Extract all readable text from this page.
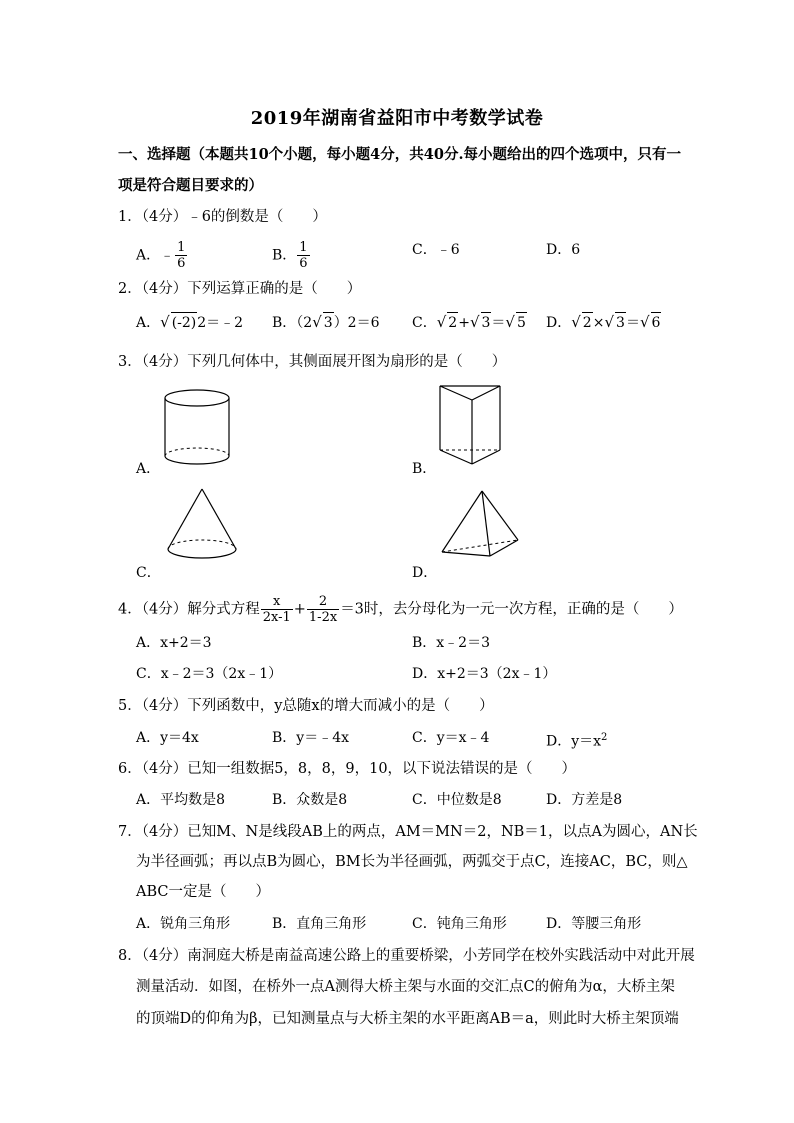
2019年湖南省益阳市中考数学试卷
一、选择题（本题共10个小题，每小题4分，共40分.每小题给出的四个选项中，只有一
项是符合题目要求的）
1．（4分）﹣6的倒数是（　　）
A．﹣ $\frac{1}{6}$	B． $\frac{1}{6}$	C．﹣6	D．6
2．（4分）下列运算正确的是（　　）
A．√ (-2)2＝﹣2 B．（2√ 3）2＝6 C．√ 2+√ 3＝√ 5 D．√ 2×√ 3＝√ 6
3．（4分）下列几何体中，其侧面展开图为扇形的是（　　）
A．	B．
C．	D．
4．（4分）解分式方程 $\frac{x}{2x-1} + \frac{2}{1-2x} =3$时，去分母化为一元一次方程，正确的是（　　）
A．x+2＝3	B．x﹣2＝3
C．x﹣2＝3（2x﹣1）	D．x+2＝3（2x﹣1）
5．（4分）下列函数中，y总随x的增大而减小的是（　　）
A．y＝4x	B．y＝﹣4x	C．y＝x﹣4	D．$y=x^2$
6．（4分）已知一组数据5，8，8，9，10，以下说法错误的是（　　）
A．平均数是8	B．众数是8	C．中位数是8	D．方差是8
7．（4分）已知M、N是线段AB上的两点，AM＝MN＝2，NB＝1，以点A为圆心，AN长
为半径画弧；再以点B为圆心，BM长为半径画弧，两弧交于点C，连接AC，BC，则△
ABC一定是（　　）
A．锐角三角形	B．直角三角形	C．钝角三角形	D．等腰三角形
8．（4分）南洞庭大桥是南益高速公路上的重要桥梁，小芳同学在校外实践活动中对此开展
测量活动．如图，在桥外一点A测得大桥主架与水面的交汇点C的俯角为α，大桥主架
的顶端D的仰角为β，已知测量点与大桥主架的水平距离AB＝a，则此时大桥主架顶端
